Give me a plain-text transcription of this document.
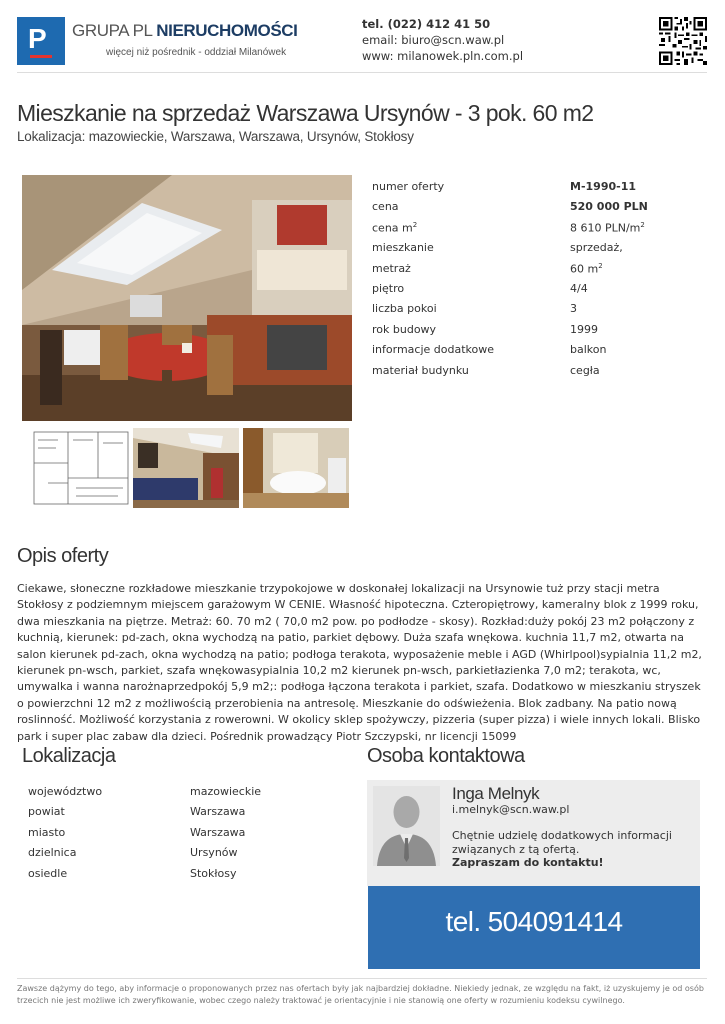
P GRUPA PL NIERUCHOMOŚCI
więcej niż pośrednik - oddział Milanówek
tel. (022) 412 41 50
email: biuro@scn.waw.pl
www: milanowek.pln.com.pl
Mieszkanie na sprzedaż Warszawa Ursynów - 3 pok. 60 m2
Lokalizacja: mazowieckie, Warszawa, Warszawa, Ursynów, Stokłosy
numer oferty	M-1990-11
cena	520 000 PLN
cena $m^2$	8 610 PLN/$m^2$
mieszkanie	sprzedaż,
metraż	60 $m^2$
piętro	4/4
liczba pokoi	3
rok budowy	1999
informacje dodatkowe	balkon
materiał budynku	cegła
Opis oferty
Ciekawe, słoneczne rozkładowe mieszkanie trzypokojowe w doskonałej lokalizacji na Ursynowie tuż przy stacji metra Stokłosy z podziemnym miejscem garażowym W CENIE. Własność hipoteczna. Czteropiętrowy, kameralny blok z 1999 roku, dwa mieszkania na piętrze. Metraż: 60. 70 m2 ( 70,0 m2 pow. po podłodze - skosy). Rozkład:duży pokój 23 m2 połączony z kuchnią, kierunek: pd-zach, okna wychodzą na patio, parkiet dębowy. Duża szafa wnękowa. kuchnia 11,7 m2, otwarta na salon kierunek pd-zach, okna wychodzą na patio; podłoga terakota, wyposażenie meble i AGD (Whirlpool)sypialnia 11,2 m2, kierunek pn-wsch, parkiet, szafa wnękowasypialnia 10,2 m2 kierunek pn-wsch, parkietłazienka 7,0 m2; terakota, wc, umywalka i wanna narożnaprzedpokój 5,9 m2;: podłoga łączona terakota i parkiet, szafa. Dodatkowo w mieszkaniu stryszek o powierzchni 12 m2 z możliwością przerobienia na antresolę. Mieszkanie do odświeżenia. Blok zadbany. Na patio nową roslinność. Możliwość korzystania z rowerowni. W okolicy sklep spożywczy, pizzeria (super pizza) i wiele innych lokali. Blisko park i super plac zabaw dla dzieci. Pośrednik prowadzący Piotr Szczypski, nr licencji 15099
Lokalizacja
województwo	mazowieckie
powiat	Warszawa
miasto	Warszawa
dzielnica	Ursynów
osiedle	Stokłosy
Osoba kontaktowa
Inga Melnyk
i.melnyk@scn.waw.pl
Chętnie udzielę dodatkowych informacji związanych z tą ofertą.
Zapraszam do kontaktu!
tel. 504091414
Zawsze dążymy do tego, aby informacje o proponowanych przez nas ofertach były jak najbardziej dokładne. Niekiedy jednak, ze względu na fakt, iż uzyskujemy je od osób trzecich nie jest możliwe ich zweryfikowanie, wobec czego należy traktować je orientacyjnie i nie stanowią one oferty w rozumieniu kodeksu cywilnego.
